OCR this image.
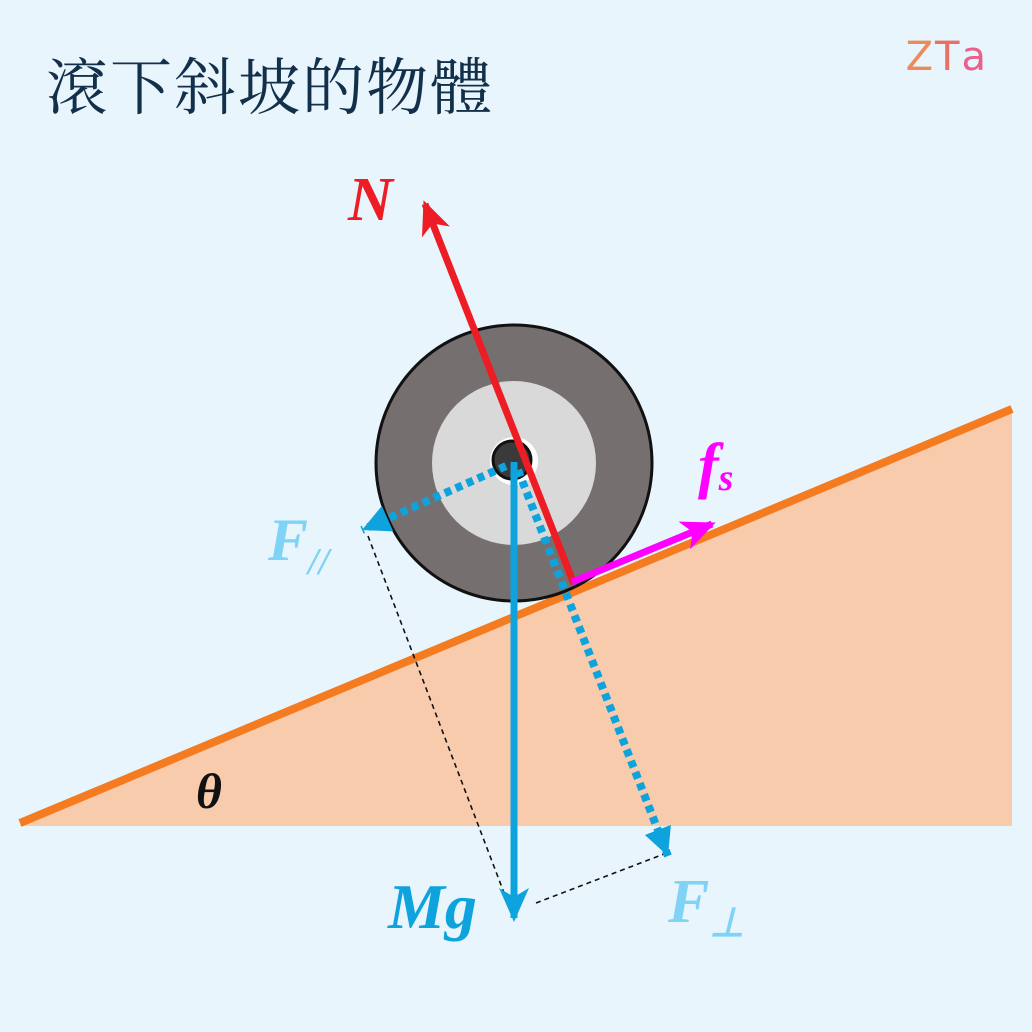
滾下斜坡的物體	ZTa
N
fs
$F_{//}$
Mg	$F_\perp$
θ
